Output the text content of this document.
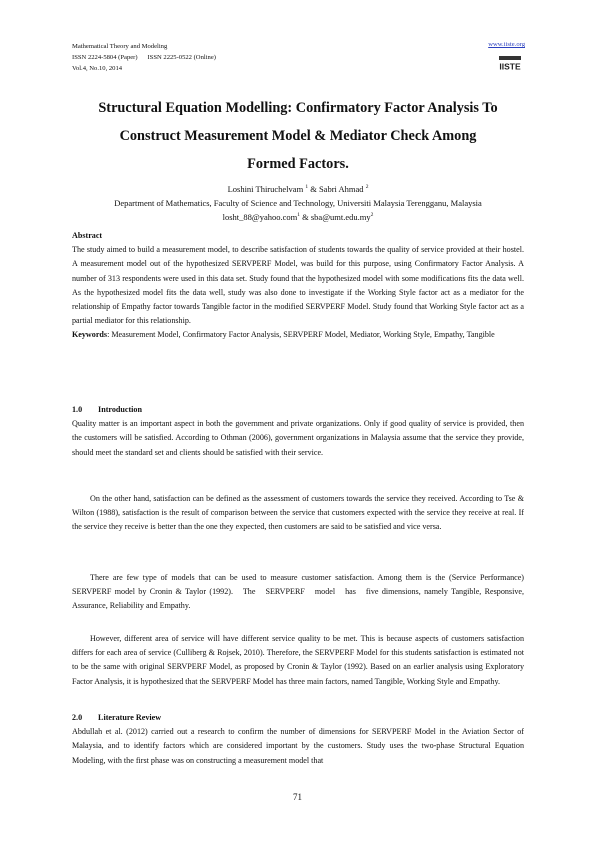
Mathematical Theory and Modeling
ISSN 2224-5804 (Paper)      ISSN 2225-0522 (Online)
Vol.4, No.10, 2014
www.iiste.org
IISTE
Structural Equation Modelling: Confirmatory Factor Analysis To
Construct Measurement Model & Mediator Check Among
Formed Factors.
Loshini Thiruchelvam $^1$ & Sabri Ahmad $^2$
Department of Mathematics, Faculty of Science and Technology, Universiti Malaysia Terengganu, Malaysia
losht_88@yahoo.com$^1$ & $sba@umt.edu.my^2$

Abstract

The study aimed to build a measurement model, to describe satisfaction of students towards the quality of service provided at their hostel. A measurement model out of the hypothesized SERVPERF Model, was build for this purpose, using Confirmatory Factor Analysis. A number of 313 respondents were used in this data set. Study found that the hypothesized model with some modifications fits the data well. As the hypothesized model fits the data well, study was also done to investigate if the Working Style factor act as a mediator for the relationship of Empathy factor towards Tangible factor in the modified SERVPERF Model. Study found that Working Style factor act as a partial mediator for this relationship.

Keywords: Measurement Model, Confirmatory Factor Analysis, SERVPERF Model, Mediator, Working Style, Empathy, Tangible

1.0 Introduction

Quality matter is an important aspect in both the government and private organizations. Only if good quality of service is provided, then the customers will be satisfied. According to Othman (2006), government organizations in Malaysia assume that the service they provide, should meet the standard set and clients should be satisfied with their service.

On the other hand, satisfaction can be defined as the assessment of customers towards the service they received. According to Tse & Wilton (1988), satisfaction is the result of comparison between the service that customers expected with the service they receive at real. If the service they receive is better than the one they expected, then customers are said to be satisfied and vice versa.

There are few type of models that can be used to measure customer satisfaction. Among them is the (Service Performance) SERVPERF model by Cronin & Taylor (1992).   The   SERVPERF   model   has   five dimensions, namely Tangible, Responsive, Assurance, Reliability and Empathy.

However, different area of service will have different service quality to be met. This is because aspects of customers satisfaction differs for each area of service (Culliberg & Rojsek, 2010). Therefore, the SERVPERF Model for this students satisfaction is estimated not to be the same with original SERVPERF Model, as proposed by Cronin & Taylor (1992). Based on an earlier analysis using Exploratory Factor Analysis, it is hypothesized that the SERVPERF Model has three main factors, named Tangible, Working Style and Empathy.

2.0 Literature Review

Abdullah et al. (2012) carried out a research to confirm the number of dimensions for SERVPERF Model in the Aviation Sector of Malaysia, and to identify factors which are considered important by the customers. Study uses the two-phase Structural Equation Modeling, with the first phase was on constructing a measurement model that

71
